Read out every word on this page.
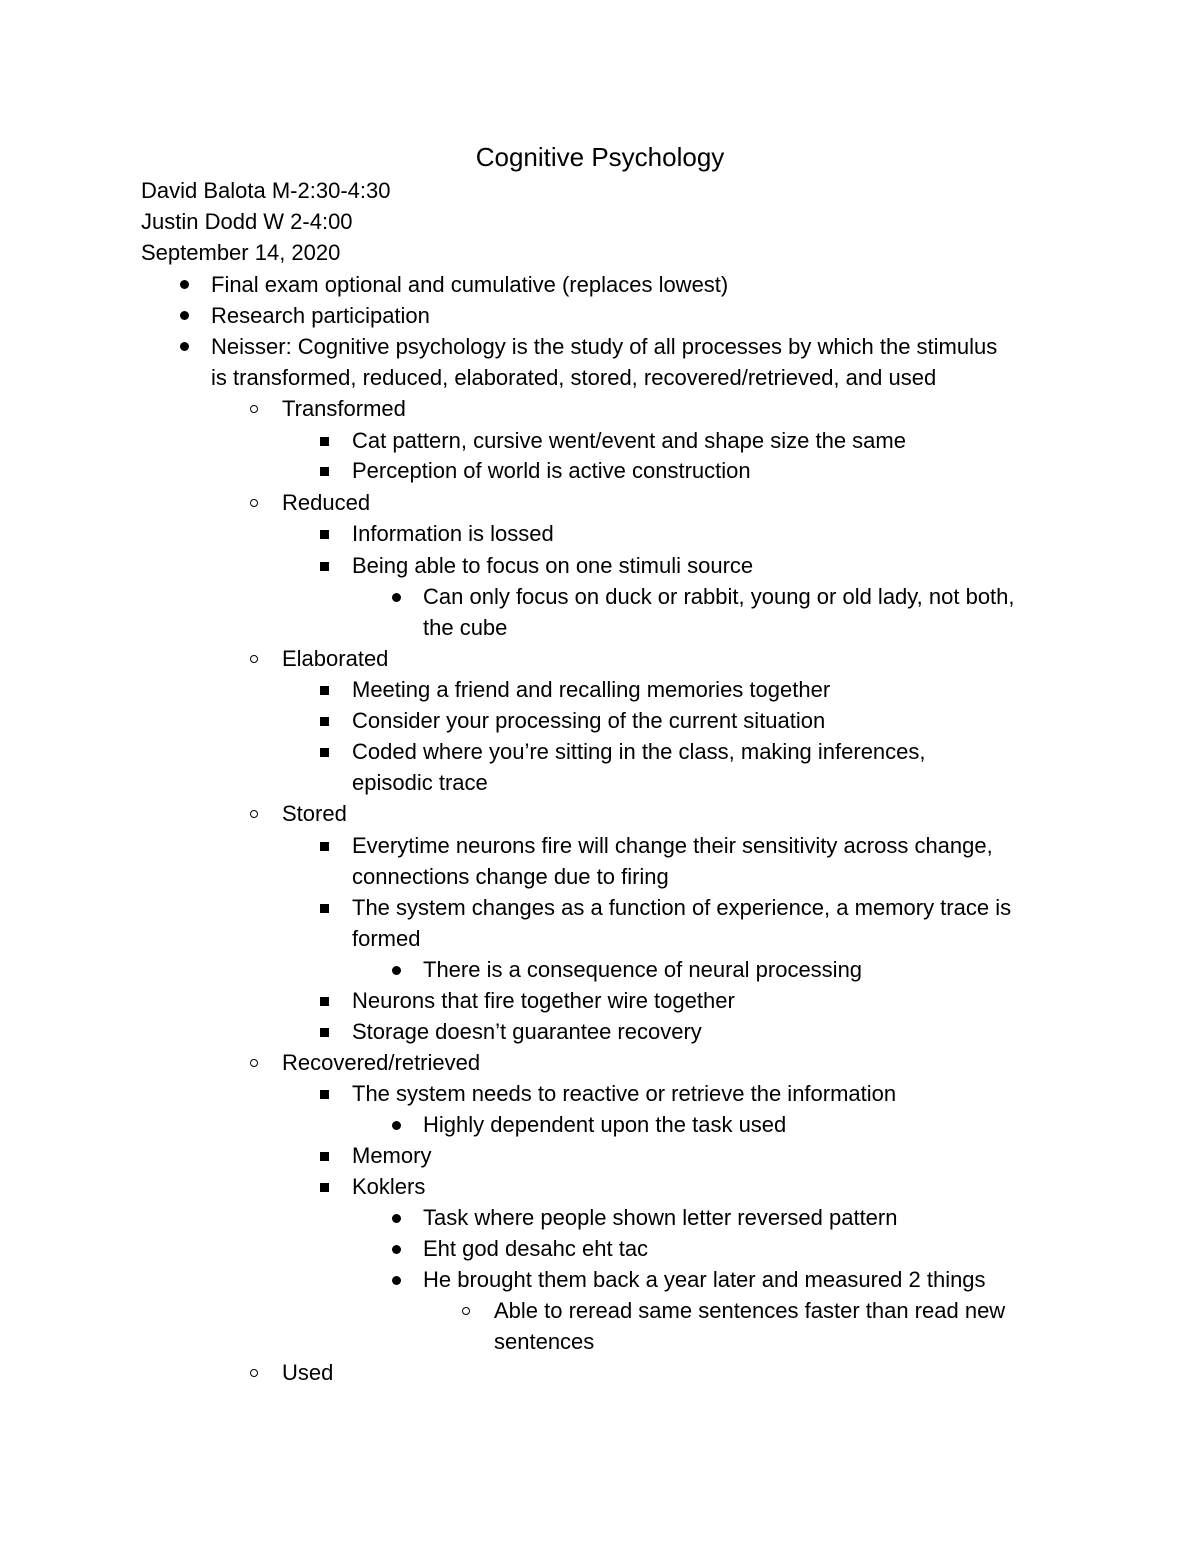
Cognitive Psychology
David Balota M-2:30-4:30
Justin Dodd W 2-4:00
September 14, 2020
Final exam optional and cumulative (replaces lowest)
Research participation
Neisser: Cognitive psychology is the study of all processes by which the stimulus
is transformed, reduced, elaborated, stored, recovered/retrieved, and used
Transformed
Cat pattern, cursive went/event and shape size the same
Perception of world is active construction
Reduced
Information is lossed
Being able to focus on one stimuli source
Can only focus on duck or rabbit, young or old lady, not both,
the cube
Elaborated
Meeting a friend and recalling memories together
Consider your processing of the current situation
Coded where you’re sitting in the class, making inferences,
episodic trace
Stored
Everytime neurons fire will change their sensitivity across change,
connections change due to firing
The system changes as a function of experience, a memory trace is
formed
There is a consequence of neural processing
Neurons that fire together wire together
Storage doesn’t guarantee recovery
Recovered/retrieved
The system needs to reactive or retrieve the information
Highly dependent upon the task used
Memory
Koklers
Task where people shown letter reversed pattern
Eht god desahc eht tac
He brought them back a year later and measured 2 things
Able to reread same sentences faster than read new
sentences
Used
